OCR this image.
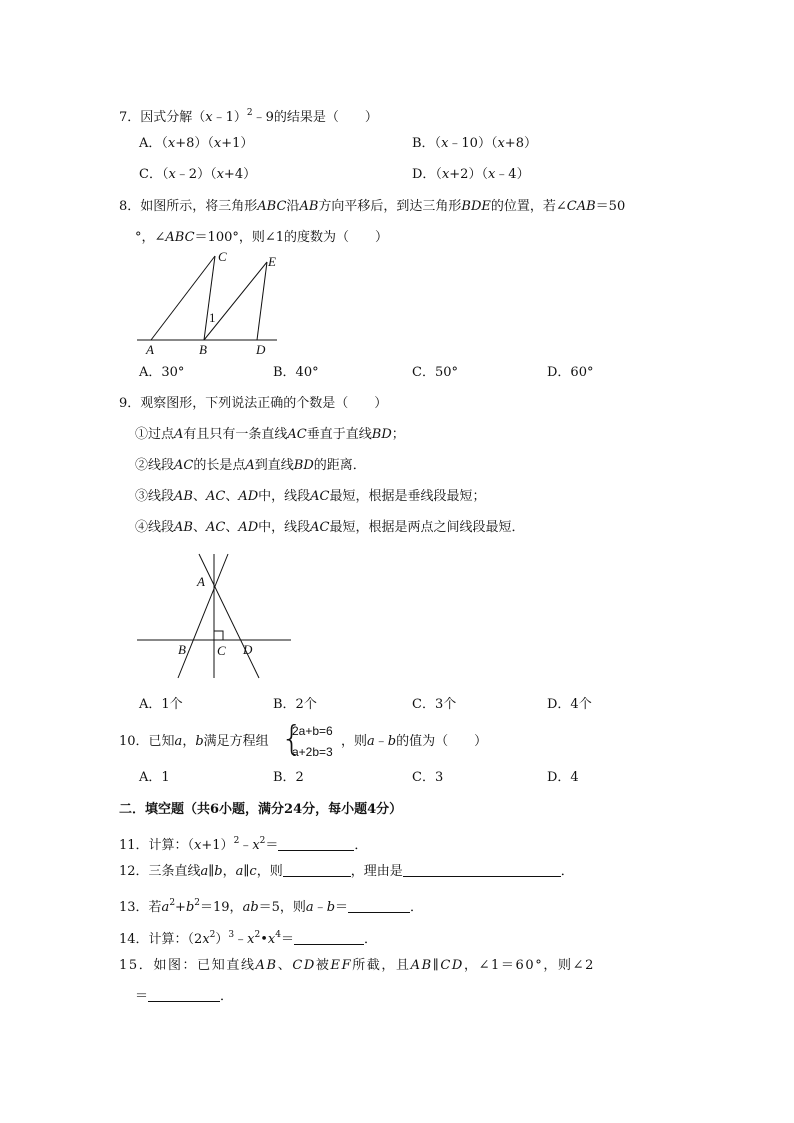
7．因式分解（x﹣1）$^2$﹣9的结果是（　　）
A．（x+8）（x+1）	B．（x﹣10）（x+8）
C．（x﹣2）（x+4）	D．（x+2）（x﹣4）
8．如图所示，将三角形ABC沿AB方向平移后，到达三角形BDE的位置，若∠CAB＝50
°，∠ABC＝100°，则∠1的度数为（　　）
A	B	D
C	E
1
A．30°	B．40°	C．50°	D．60°
9．观察图形，下列说法正确的个数是（　　）
①过点A有且只有一条直线AC垂直于直线BD；
②线段AC的长是点A到直线BD的距离．
③线段AB、AC、AD中，线段AC最短，根据是垂线段最短；
④线段AB、AC、AD中，线段AC最短，根据是两点之间线段最短．
A
B C D
A．1个	B．2个	C．3个	D．4个
10．已知a，b满足方程组 {
2a+b=6
a+2b=3
，则a﹣b的值为（　　）
A．1	B．2	C．3	D．4
二．填空题（共6小题，满分24分，每小题4分）
11．计算：$(x+1)^2﹣x^2=$	．
12．三条直线a∥b，a∥c，则	，理由是	．
13．若$a^2+b^2=19$，ab＝5，则a﹣b＝	．
14．计算：$(2x^2)^3﹣x^2•x^4=$	．
15．如图：已知直线AB、CD被EF所截，且AB∥CD，∠1＝60°，则∠2
＝	．
